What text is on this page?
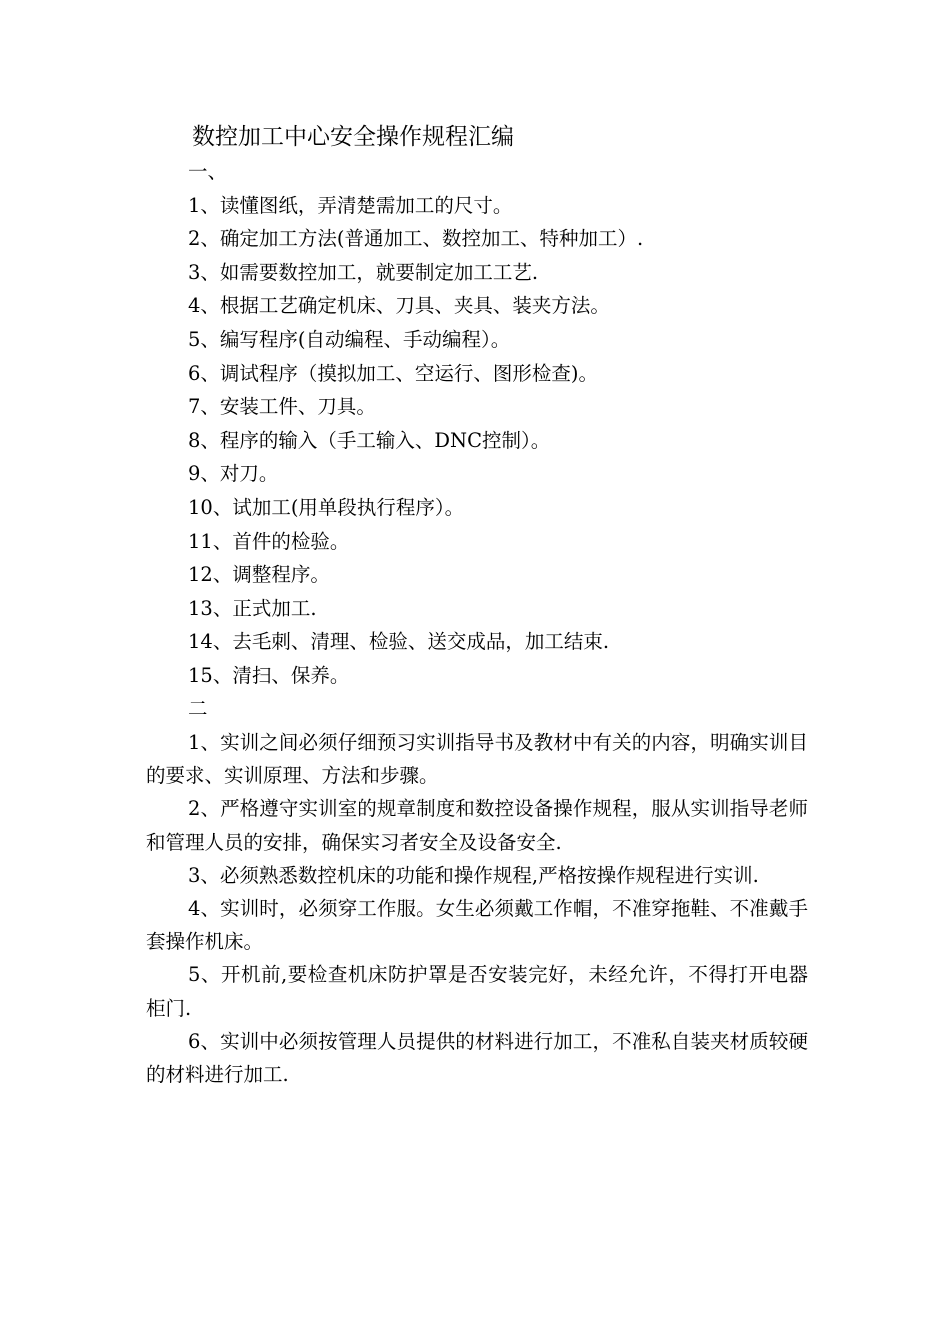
数控加工中心安全操作规程汇编
一、
1、读懂图纸，弄清楚需加工的尺寸。
2、确定加工方法(普通加工、数控加工、特种加工）.
3、如需要数控加工，就要制定加工工艺.
4、根据工艺确定机床、刀具、夹具、装夹方法。
5、编写程序(自动编程、手动编程）。
6、调试程序（摸拟加工、空运行、图形检查)。
7、安装工件、刀具。
8、程序的输入（手工输入、DNC控制）。
9、对刀。
10、试加工(用单段执行程序）。
11、首件的检验。
12、调整程序。
13、正式加工.
14、去毛刺、清理、检验、送交成品，加工结束.
15、清扫、保养。
二

1、实训之间必须仔细预习实训指导书及教材中有关的内容，明确实训目的要求、实训原理、方法和步骤。

2、严格遵守实训室的规章制度和数控设备操作规程，服从实训指导老师和管理人员的安排，确保实习者安全及设备安全.

3、必须熟悉数控机床的功能和操作规程,严格按操作规程进行实训.

4、实训时，必须穿工作服。女生必须戴工作帽，不准穿拖鞋、不准戴手套操作机床。

5、开机前,要检查机床防护罩是否安装完好，未经允许，不得打开电器柜门.

6、实训中必须按管理人员提供的材料进行加工，不准私自装夹材质较硬的材料进行加工.
